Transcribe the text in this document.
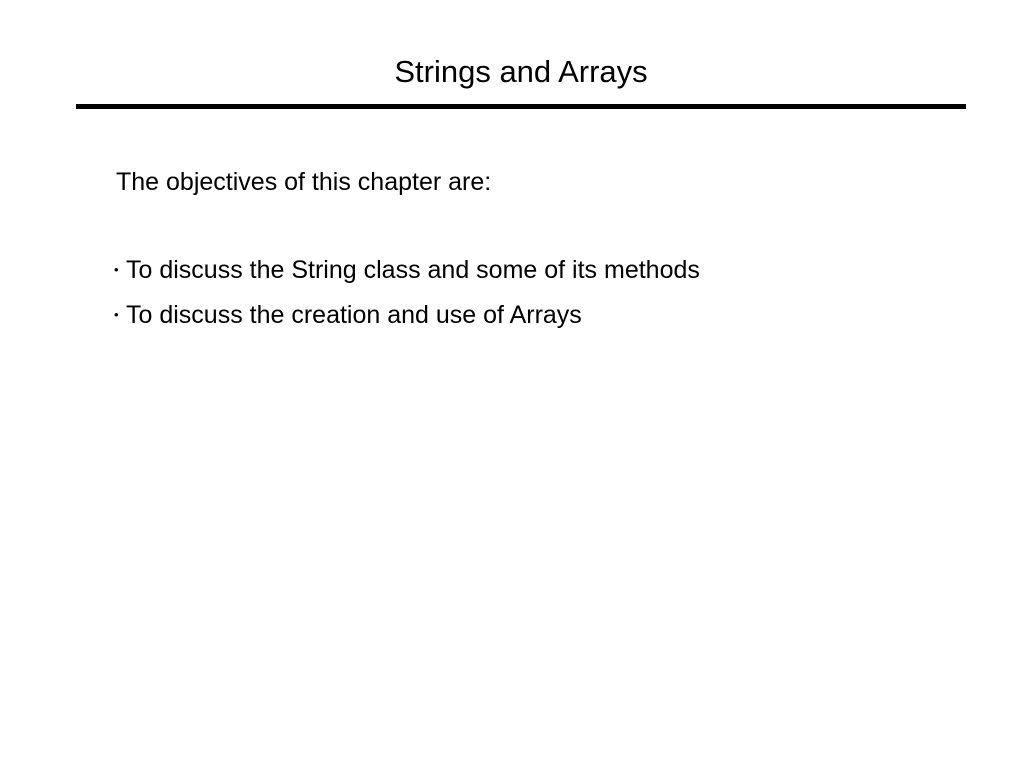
Strings and Arrays

The objectives of this chapter are:

• To discuss the String class and some of its methods
• To discuss the creation and use of Arrays
